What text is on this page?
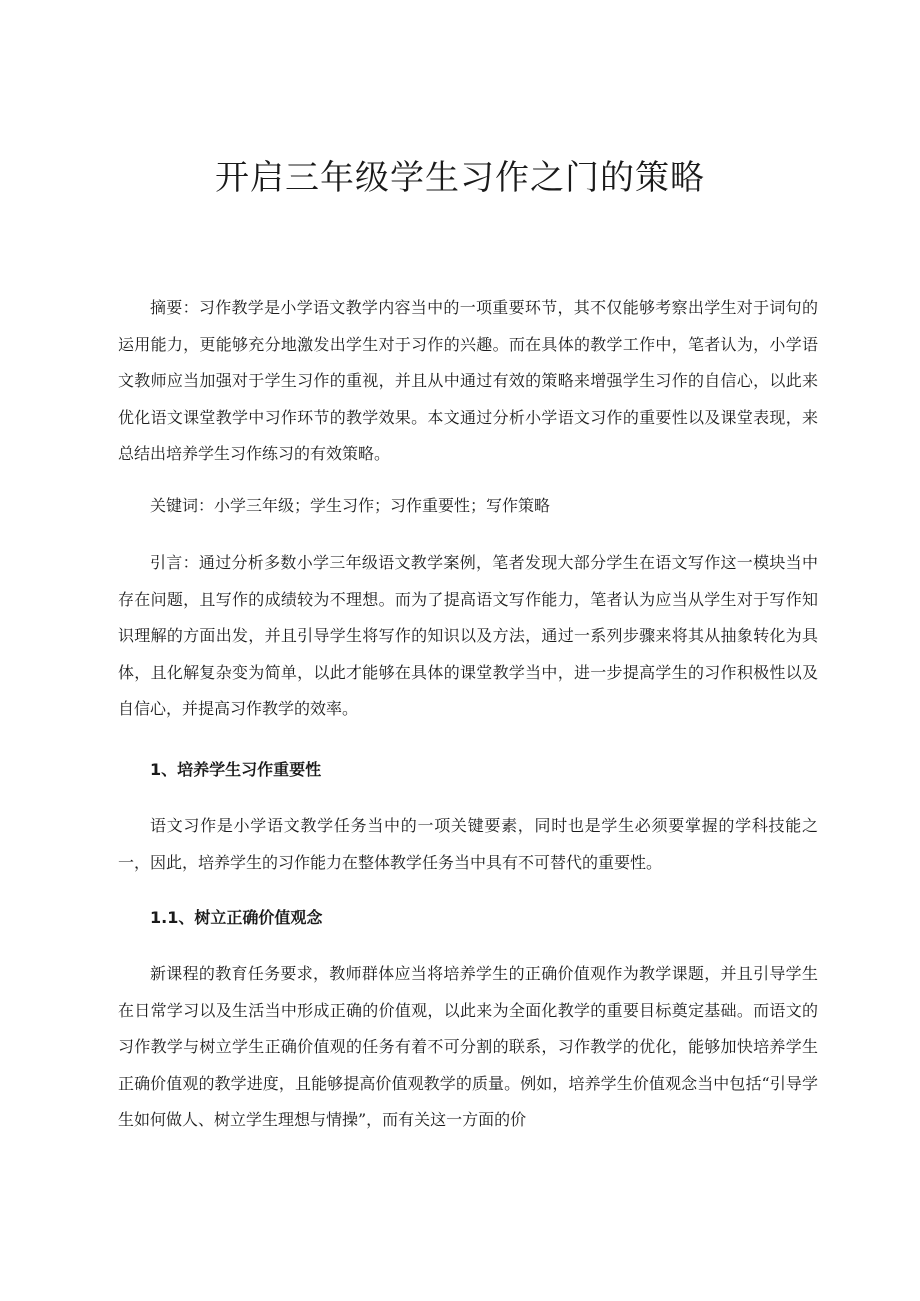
开启三年级学生习作之门的策略

摘要：习作教学是小学语文教学内容当中的一项重要环节，其不仅能够考察出学生对于词句的运用能力，更能够充分地激发出学生对于习作的兴趣。而在具体的教学工作中，笔者认为，小学语文教师应当加强对于学生习作的重视，并且从中通过有效的策略来增强学生习作的自信心，以此来优化语文课堂教学中习作环节的教学效果。本文通过分析小学语文习作的重要性以及课堂表现，来总结出培养学生习作练习的有效策略。

关键词：小学三年级；学生习作；习作重要性；写作策略

引言：通过分析多数小学三年级语文教学案例，笔者发现大部分学生在语文写作这一模块当中存在问题，且写作的成绩较为不理想。而为了提高语文写作能力，笔者认为应当从学生对于写作知识理解的方面出发，并且引导学生将写作的知识以及方法，通过一系列步骤来将其从抽象转化为具体，且化解复杂变为简单，以此才能够在具体的课堂教学当中，进一步提高学生的习作积极性以及自信心，并提高习作教学的效率。

1、培养学生习作重要性

语文习作是小学语文教学任务当中的一项关键要素，同时也是学生必须要掌握的学科技能之一，因此，培养学生的习作能力在整体教学任务当中具有不可替代的重要性。

1.1、树立正确价值观念

新课程的教育任务要求，教师群体应当将培养学生的正确价值观作为教学课题，并且引导学生在日常学习以及生活当中形成正确的价值观，以此来为全面化教学的重要目标奠定基础。而语文的习作教学与树立学生正确价值观的任务有着不可分割的联系，习作教学的优化，能够加快培养学生正确价值观的教学进度，且能够提高价值观教学的质量。例如，培养学生价值观念当中包括“引导学生如何做人、树立学生理想与情操”，而有关这一方面的价
